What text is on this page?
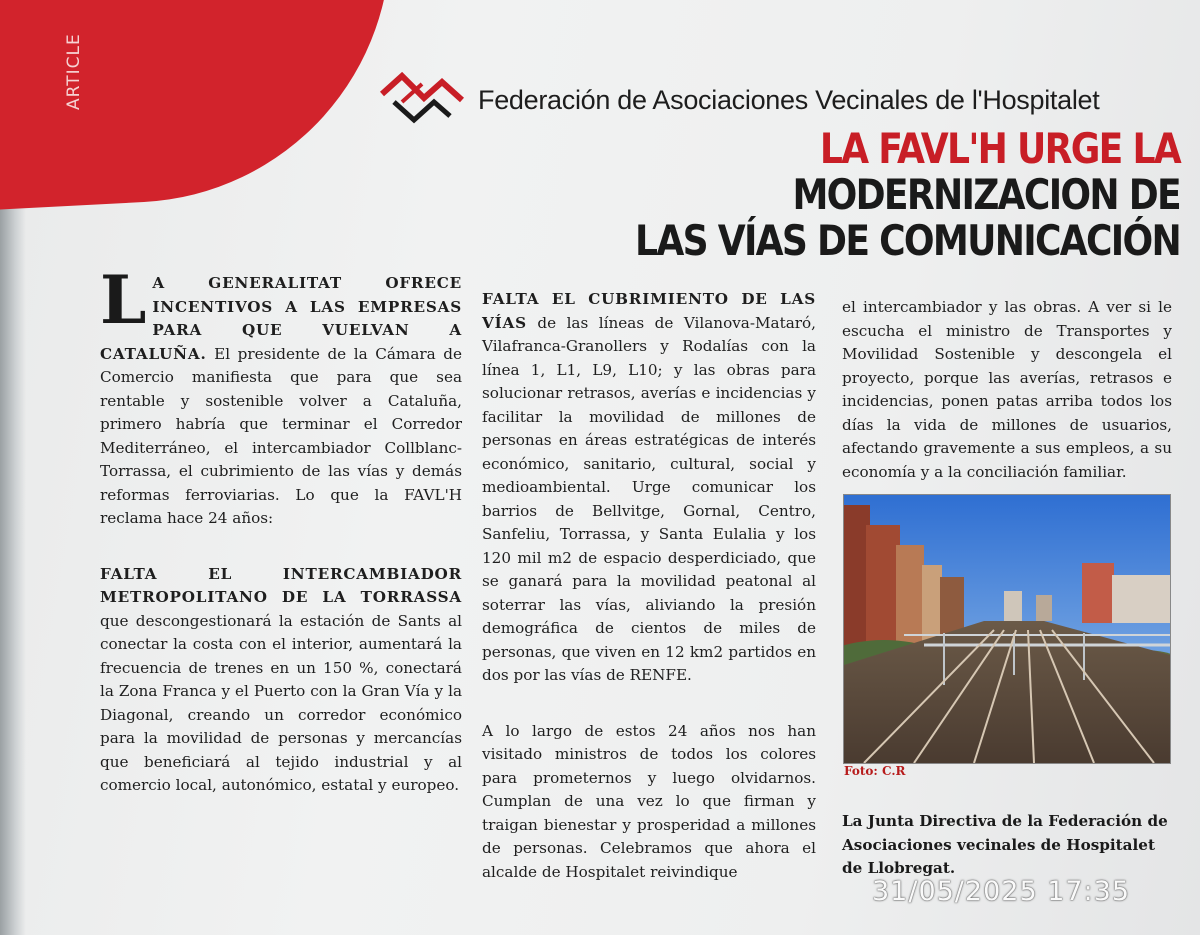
ARTICLE	Federación de Asociaciones Vecinales de l'Hospitalet
LA FAVL'H URGE LA MODERNIZACION DE
LAS VÍAS DE COMUNICACIÓN

L A GENERALITAT OFRECE INCENTIVOS A LAS EMPRESAS PARA QUE VUELVAN A CATALUÑA. El presidente de la Cámara de Comercio manifiesta que para que sea rentable y sostenible volver a Cataluña, primero habría que terminar el Corredor Mediterráneo, el intercambiador Collblanc-Torrassa, el cubrimiento de las vías y demás reformas ferroviarias. Lo que la FAVL'H reclama hace 24 años:

FALTA EL INTERCAMBIADOR METROPOLITANO DE LA TORRASSA que descongestionará la estación de Sants al conectar la costa con el interior, aumentará la frecuencia de trenes en un 150 %, conectará la Zona Franca y el Puerto con la Gran Vía y la Diagonal, creando un corredor económico para la movilidad de personas y mercancías que beneficiará al tejido industrial y al comercio local, autonómico, estatal y europeo.

FALTA EL CUBRIMIENTO DE LAS VÍAS de las líneas de Vilanova-Mataró, Vilafranca-Granollers y Rodalías con la línea 1, L1, L9, L10; y las obras para solucionar retrasos, averías e incidencias y facilitar la movilidad de millones de personas en áreas estratégicas de interés económico, sanitario, cultural, social y medioambiental. Urge comunicar los barrios de Bellvitge, Gornal, Centro, Sanfeliu, Torrassa, y Santa Eulalia y los 120 mil m2 de espacio desperdiciado, que se ganará para la movilidad peatonal al soterrar las vías, aliviando la presión demográfica de cientos de miles de personas, que viven en 12 km2 partidos en dos por las vías de RENFE.

A lo largo de estos 24 años nos han visitado ministros de todos los colores para prometernos y luego olvidarnos. Cumplan de una vez lo que firman y traigan bienestar y prosperidad a millones de personas. Celebramos que ahora el alcalde de Hospitalet reivindique

el intercambiador y las obras. A ver si le escucha el ministro de Transportes y Movilidad Sostenible y descongela el proyecto, porque las averías, retrasos e incidencias, ponen patas arriba todos los días la vida de millones de usuarios, afectando gravemente a sus empleos, a su economía y a la conciliación familiar.

Foto: C.R
La Junta Directiva de la Federación de Asociaciones vecinales de Hospitalet de Llobregat.
31/05/2025 17:35
